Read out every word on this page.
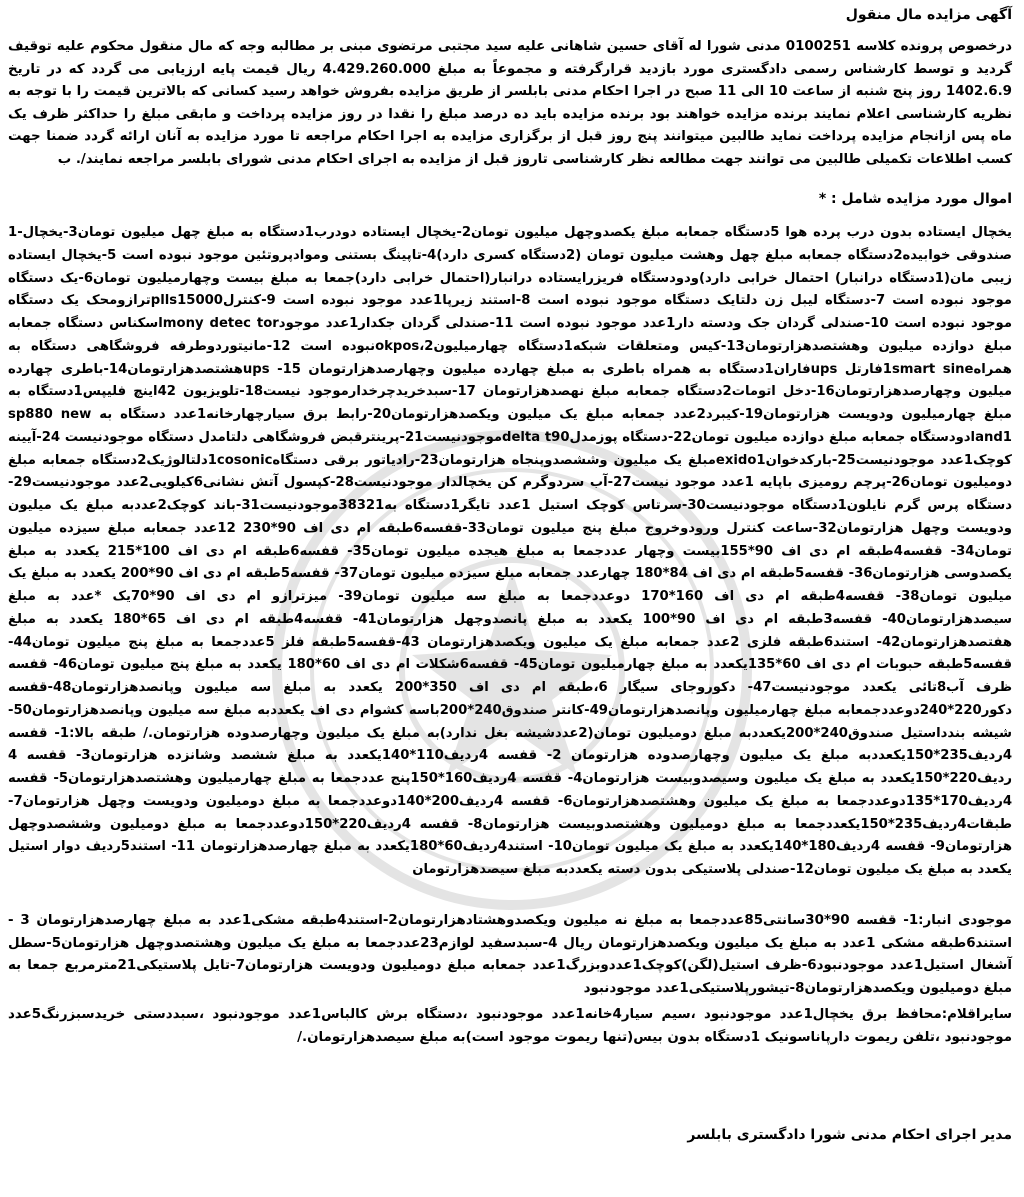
آگهی مزایده مال منقول
درخصوص پرونده کلاسه 0100251 مدنی شورا له آقای حسین شاهانی علیه سید مجتبی مرتضوی مبنی بر مطالبه وجه که مال منقول محکوم علیه توقیف گردید و توسط کارشناس رسمی دادگستری مورد بازدید قرارگرفته و مجموعاً به مبلغ 4.429.260.000 ریال قیمت پایه ارزیابی می گردد که در تاریخ 1402.6.9 روز پنج شنبه از ساعت 10 الی 11 صبح در اجرا احکام مدنی بابلسر از طریق مزایده بفروش خواهد رسید کسانی که بالاترین قیمت را با توجه به نظریه کارشناسی اعلام نمایند برنده مزایده خواهند بود برنده مزایده باید ده درصد مبلغ را نقدا در روز مزایده پرداخت و مابقی مبلغ را حداکثر ظرف یک ماه پس ازانجام مزایده پرداخت نماید طالبین میتوانند پنج روز قبل از برگزاری مزایده به اجرا احکام مراجعه تا مورد مزایده به آنان ارائه گردد ضمنا جهت کسب اطلاعات تکمیلی طالبین می توانند جهت مطالعه نظر کارشناسی تاروز قبل از مزایده به اجرای احکام مدنی شورای بابلسر مراجعه نمایند/. ب
اموال مورد مزایده شامل : *
یخچال ایستاده بدون درب پرده هوا 5دستگاه جمعابه مبلغ یکصدوچهل میلیون تومان2-یخچال ایستاده دودرب1دستگاه به مبلغ چهل میلیون تومان3-یخچال-1 صندوقی خوابیده2دستگاه جمعابه مبلغ چهل وهشت میلیون تومان (2دستگاه کسری دارد)4-تاپینگ بستنی وموادپروتئین موجود نبوده است 5-یخچال ایستاده زیبی مان(1دستگاه درانبار) احتمال خرابی دارد)ودودستگاه فریزرایستاده درانبار(احتمال خرابی دارد)جمعا به مبلغ بیست وچهارمیلیون تومان6-یک دستگاه موجود نبوده است 7-دستگاه لیبل زن دلتایک دستگاه موجود نبوده است 8-استند زیرپا1عدد موجود نبوده است 9-کنترلplls15000ترازومحک یک دستگاه موجود نبوده است 10-صندلی گردان جک ودسته دار1عدد موجود نبوده است 11-صندلی گردان جکدار1عدد موجودmony detec torاسکناس دستگاه جمعابه مبلغ دوازده میلیون وهشتصدهزارتومان13-کیس ومتعلقات شبکه1دستگاه چهارمیلیون2،okposنبوده است 12-مانیتوردوطرفه فروشگاهی دستگاه به همراه1smart sineفارتل upsفاران1دستگاه به همراه باطری به مبلغ چهارده میلیون وچهارصدهزارتومان 15- upsهشتصدهزارتومان14-باطری چهارده میلیون وچهارصدهزارتومان16-دخل اتومات2دستگاه جمعابه مبلغ نهصدهزارتومان 17-سبدخریدچرخدارموجود نیست18-تلویزیون 42اینچ فلیپس1دستگاه به مبلغ چهارمیلیون ودویست هزارتومان19-کیبرد2عدد جمعابه مبلغ یک میلیون ویکصدهزارتومان20-رابط برق سیارچهارخانه1عدد دستگاه به sp880 new land1دودستگاه جمعابه مبلغ دوازده میلیون تومان22-دستگاه پوزمدلdelta t90موجودنیست21-پرینترقبض فروشگاهی دلتامدل دستگاه موجودنیست 24-آیینه کوچک1عدد موجودنیست25-بارکدخوانexido1مبلغ یک میلیون وششصدوپنجاه هزارتومان23-رادیاتور برقی دستگاه1cosonicدلتالوژیک2دستگاه جمعابه مبلغ دومیلیون تومان26-پرچم رومیزی باپایه 1عدد موجود نیست27-آب سردوگرم کن یخچالدار موجودنیست28-کپسول آتش نشانی6کیلویی2عدد موجودنیست29-دستگاه پرس گرم نایلون1دستگاه موجودنیست30-سرتاس کوچک استیل 1عدد تایگر1دستگاه به38321موجودنیست31-باند کوچک2عددبه مبلغ یک میلیون ودویست وچهل هزارتومان32-ساعت کنترل ورودوخروج مبلغ پنج میلیون تومان33-قفسه6طبقه ام دی اف 90*230 12عدد جمعابه مبلغ سیزده میلیون تومان34- قفسه4طبقه ام دی اف 90*155بیست وچهار عددجمعا به مبلغ هیجده میلیون تومان35- قفسه6طبقه ام دی اف 100*215 یکعدد به مبلغ یکصدوسی هزارتومان36- قفسه5طبقه ام دی اف 84*180 چهارعدد جمعابه مبلغ سیزده میلیون تومان37- قفسه5طبقه ام دی اف 90*200 یکعدد به مبلغ یک میلیون تومان38- قفسه4طبقه ام دی اف 160*170 دوعددجمعا به مبلغ سه میلیون تومان39- میزترازو ام دی اف 90*70یک *عدد به مبلغ سیصدهزارتومان40- قفسه3طبقه ام دی اف 90*100 یکعدد به مبلغ پانصدوچهل هزارتومان41- قفسه4طبقه ام دی اف 65*180 یکعدد به مبلغ هفتصدهزارتومان42- استند6طبقه فلزی 2عدد جمعابه مبلغ یک میلیون ویکصدهزارتومان 43-قفسه5طبقه فلز 5عددجمعا به مبلغ پنج میلیون تومان44- قفسه5طبقه حبوبات ام دی اف 60*135یکعدد به مبلغ چهارمیلیون تومان45- قفسه6شکلات ام دی اف 60*180 یکعدد به مبلغ پنج میلیون تومان46- قفسه ظرف آب8تائی یکعدد موجودنیست47- دکوروجای سیگار 6،طبقه ام دی اف 350*200 یکعدد به مبلغ سه میلیون وپانصدهزارتومان48-قفسه دکور220*240دوعددجمعابه مبلغ چهارمیلیون وپانصدهزارتومان49-کانتر صندوق240*200باسه کشوام دی اف یکعددبه مبلغ سه میلیون وپانصدهزارتومان50-شیشه بندداستیل صندوق240*200یکعددبه مبلغ دومیلیون تومان(2عددشیشه بغل ندارد)به مبلغ یک میلیون وچهارصدوده هزارتومان./ طبقه بالا:1- قفسه 4ردیف235*150یکعددبه مبلغ یک میلیون وچهارصدوده هزارتومان 2- قفسه 4ردیف110*140یکعدد به مبلغ ششصد وشانزده هزارتومان3- قفسه 4 ردیف220*150یکعدد به مبلغ یک میلیون وسیصدوبیست هزارتومان4- قفسه 4ردیف160*150پنج عددجمعا به مبلغ چهارمیلیون وهشتصدهزارتومان5- قفسه 4ردیف170*135دوعددجمعا به مبلغ یک میلیون وهشتصدهزارتومان6- قفسه 4ردیف200*140دوعددجمعا به مبلغ دومیلیون ودویست وچهل هزارتومان7- طبقات4ردیف235*150یکعددجمعا به مبلغ دومیلیون وهشتصدوبیست هزارتومان8- قفسه 4ردیف220*150دوعددجمعا به مبلغ دومیلیون وششصدوچهل هزارتومان9- قفسه 4ردیف180*140یکعدد به مبلغ یک میلیون تومان10- استند4ردیف60*180یکعدد به مبلغ چهارصدهزارتومان 11- استند5ردیف دوار استیل یکعدد به مبلغ یک میلیون تومان12-صندلی پلاستیکی بدون دسته یکعددبه مبلغ سیصدهزارتومان
موجودی انبار:1- قفسه 90*30سانتی85عددجمعا به مبلغ نه میلیون ویکصدوهشتادهزارتومان2-استند4طبقه مشکی1عدد به مبلغ چهارصدهزارتومان 3 - استند6طبقه مشکی 1عدد به مبلغ یک میلیون ویکصدهزارتومان ریال 4-سبدسفید لوازم23عددجمعا به مبلغ یک میلیون وهشتصدوچهل هزارتومان5-سطل آشغال استیل1عدد موجودنبود6-ظرف استیل(لگن)کوچک1عددوبزرگ1عدد جمعابه مبلغ دومیلیون ودویست هزارتومان7-تایل پلاستیکی21مترمربع جمعا به مبلغ دومیلیون ویکصدهزارتومان8-تیشورپلاستیکی1عدد موجودنبود
سایراقلام:محافظ برق یخچال1عدد موجودنبود ،سیم سیار4خانه1عدد موجودنبود ،دستگاه برش کالباس1عدد موجودنبود ،سبددستی خریدسبزرنگ5عدد موجودنبود ،تلفن ریموت دارپاناسونیک 1دستگاه بدون بیس(تنها ریموت موجود است)به مبلغ سیصدهزارتومان./
مدیر اجرای احکام مدنی شورا دادگستری بابلسر
